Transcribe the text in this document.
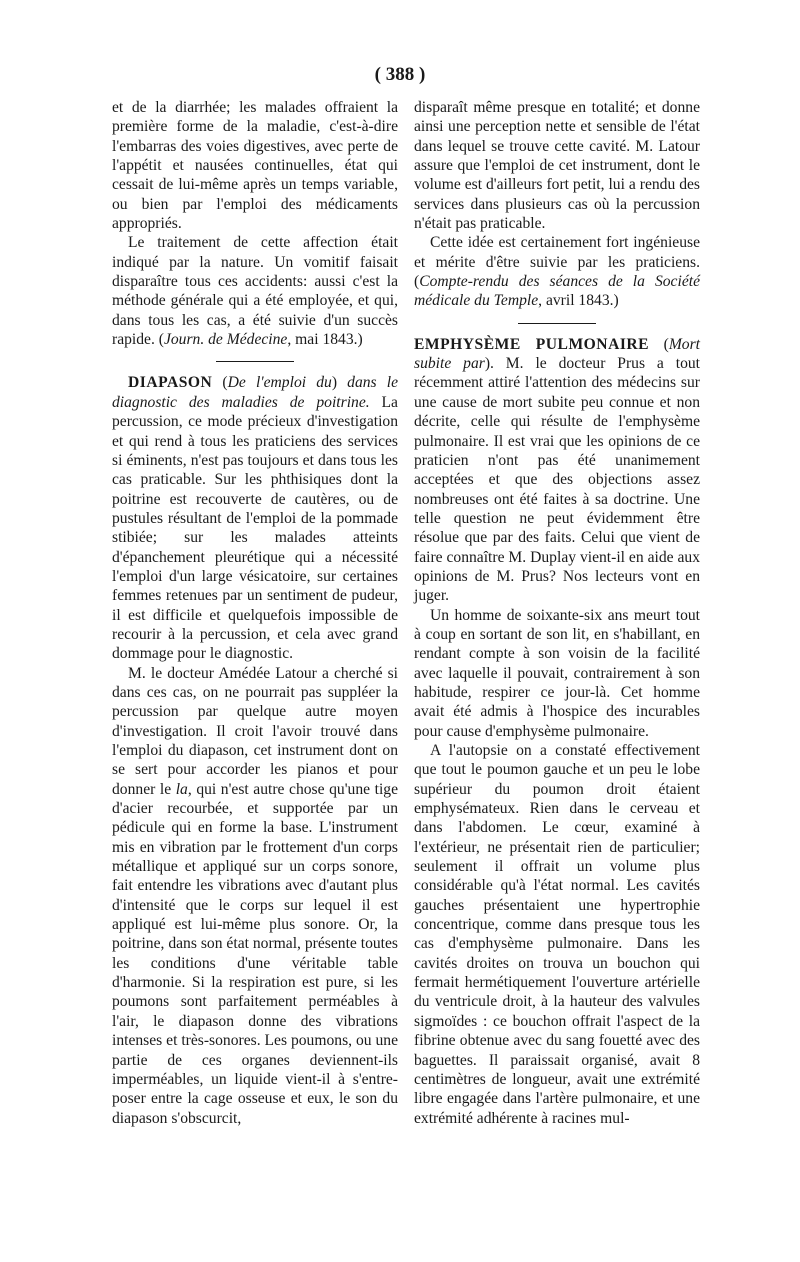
( 388 )

et de la diarrhée; les malades offraient la première forme de la maladie, c'est-à-dire l'embarras des voies digestives, avec perte de l'appétit et nausées continuelles, état qui cessait de lui-même après un temps variable, ou bien par l'emploi des médicaments appropriés.

Le traitement de cette affection était indiqué par la nature. Un vomitif faisait disparaître tous ces accidents: aussi c'est la méthode générale qui a été employée, et qui, dans tous les cas, a été suivie d'un succès rapide. (Journ. de Médecine, mai 1843.)

DIAPASON (De l'emploi du) dans le diagnostic des maladies de poitrine. La percussion, ce mode précieux d'investigation et qui rend à tous les praticiens des services si éminents, n'est pas toujours et dans tous les cas praticable. Sur les phthisiques dont la poitrine est recouverte de cautères, ou de pustules résultant de l'emploi de la pommade stibiée; sur les malades atteints d'épanchement pleurétique qui a nécessité l'emploi d'un large vésicatoire, sur certaines femmes retenues par un sentiment de pudeur, il est difficile et quelquefois impossible de recourir à la percussion, et cela avec grand dommage pour le diagnostic.

M. le docteur Amédée Latour a cherché si dans ces cas, on ne pourrait pas suppléer la percussion par quelque autre moyen d'investigation. Il croit l'avoir trouvé dans l'emploi du diapason, cet instrument dont on se sert pour accorder les pianos et pour donner le la, qui n'est autre chose qu'une tige d'acier recourbée, et supportée par un pédicule qui en forme la base. L'instrument mis en vibration par le frottement d'un corps métallique et appliqué sur un corps sonore, fait entendre les vibrations avec d'autant plus d'intensité que le corps sur lequel il est appliqué est lui-même plus sonore. Or, la poitrine, dans son état normal, présente toutes les conditions d'une véritable table d'harmonie. Si la respiration est pure, si les poumons sont parfaitement perméables à l'air, le diapason donne des vibrations intenses et très-sonores. Les poumons, ou une partie de ces organes deviennent-ils imperméables, un liquide vient-il à s'entre-poser entre la cage osseuse et eux, le son du diapason s'obscurcit,

disparaît même presque en totalité; et donne ainsi une perception nette et sensible de l'état dans lequel se trouve cette cavité. M. Latour assure que l'emploi de cet instrument, dont le volume est d'ailleurs fort petit, lui a rendu des services dans plusieurs cas où la percussion n'était pas praticable.

Cette idée est certainement fort ingénieuse et mérite d'être suivie par les praticiens. (Compte-rendu des séances de la Société médicale du Temple, avril 1843.)

EMPHYSÈME PULMONAIRE (Mort subite par). M. le docteur Prus a tout récemment attiré l'attention des médecins sur une cause de mort subite peu connue et non décrite, celle qui résulte de l'emphysème pulmonaire. Il est vrai que les opinions de ce praticien n'ont pas été unanimement acceptées et que des objections assez nombreuses ont été faites à sa doctrine. Une telle question ne peut évidemment être résolue que par des faits. Celui que vient de faire connaître M. Duplay vient-il en aide aux opinions de M. Prus? Nos lecteurs vont en juger.

Un homme de soixante-six ans meurt tout à coup en sortant de son lit, en s'habillant, en rendant compte à son voisin de la facilité avec laquelle il pouvait, contrairement à son habitude, respirer ce jour-là. Cet homme avait été admis à l'hospice des incurables pour cause d'emphysème pulmonaire.

A l'autopsie on a constaté effectivement que tout le poumon gauche et un peu le lobe supérieur du poumon droit étaient emphysémateux. Rien dans le cerveau et dans l'abdomen. Le cœur, examiné à l'extérieur, ne présentait rien de particulier; seulement il offrait un volume plus considérable qu'à l'état normal. Les cavités gauches présentaient une hypertrophie concentrique, comme dans presque tous les cas d'emphysème pulmonaire. Dans les cavités droites on trouva un bouchon qui fermait hermétiquement l'ouverture artérielle du ventricule droit, à la hauteur des valvules sigmoïdes : ce bouchon offrait l'aspect de la fibrine obtenue avec du sang fouetté avec des baguettes. Il paraissait organisé, avait 8 centimètres de longueur, avait une extrémité libre engagée dans l'artère pulmonaire, et une extrémité adhérente à racines mul-
